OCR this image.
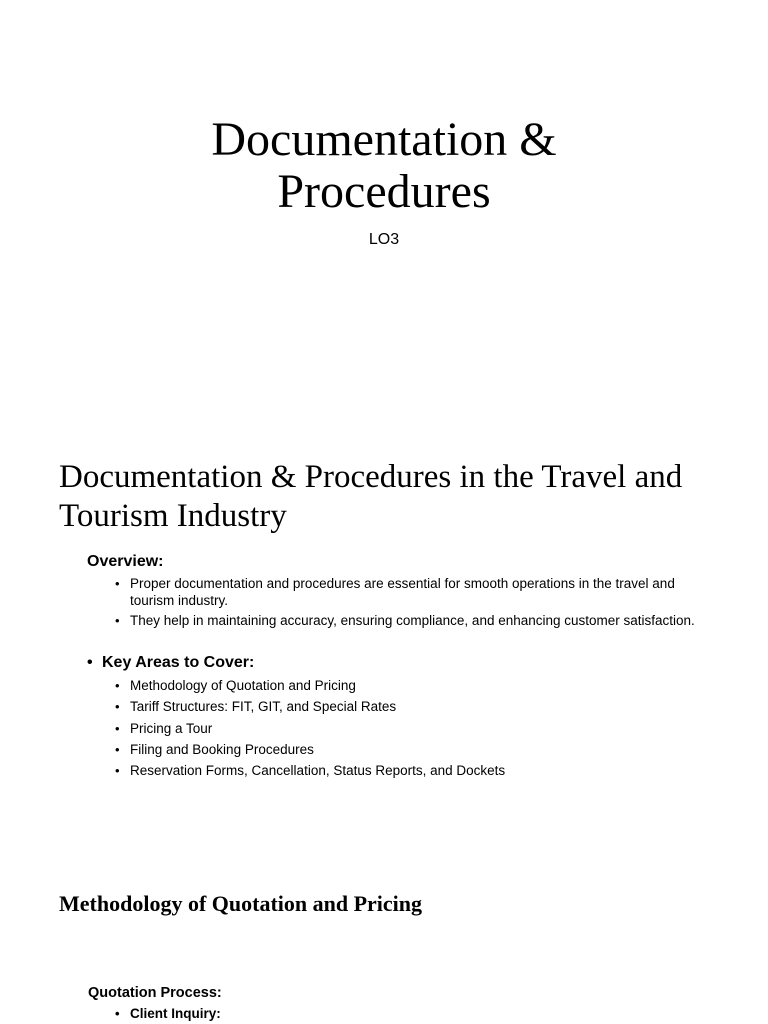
Documentation &
Procedures
LO3
Documentation & Procedures in the Travel and Tourism Industry
Overview:
• Proper documentation and procedures are essential for smooth operations in the travel and tourism industry.
• They help in maintaining accuracy, ensuring compliance, and enhancing customer satisfaction.
• Key Areas to Cover:
• Methodology of Quotation and Pricing
• Tariff Structures: FIT, GIT, and Special Rates
• Pricing a Tour
• Filing and Booking Procedures
• Reservation Forms, Cancellation, Status Reports, and Dockets
Methodology of Quotation and Pricing
Quotation Process:
• Client Inquiry:
